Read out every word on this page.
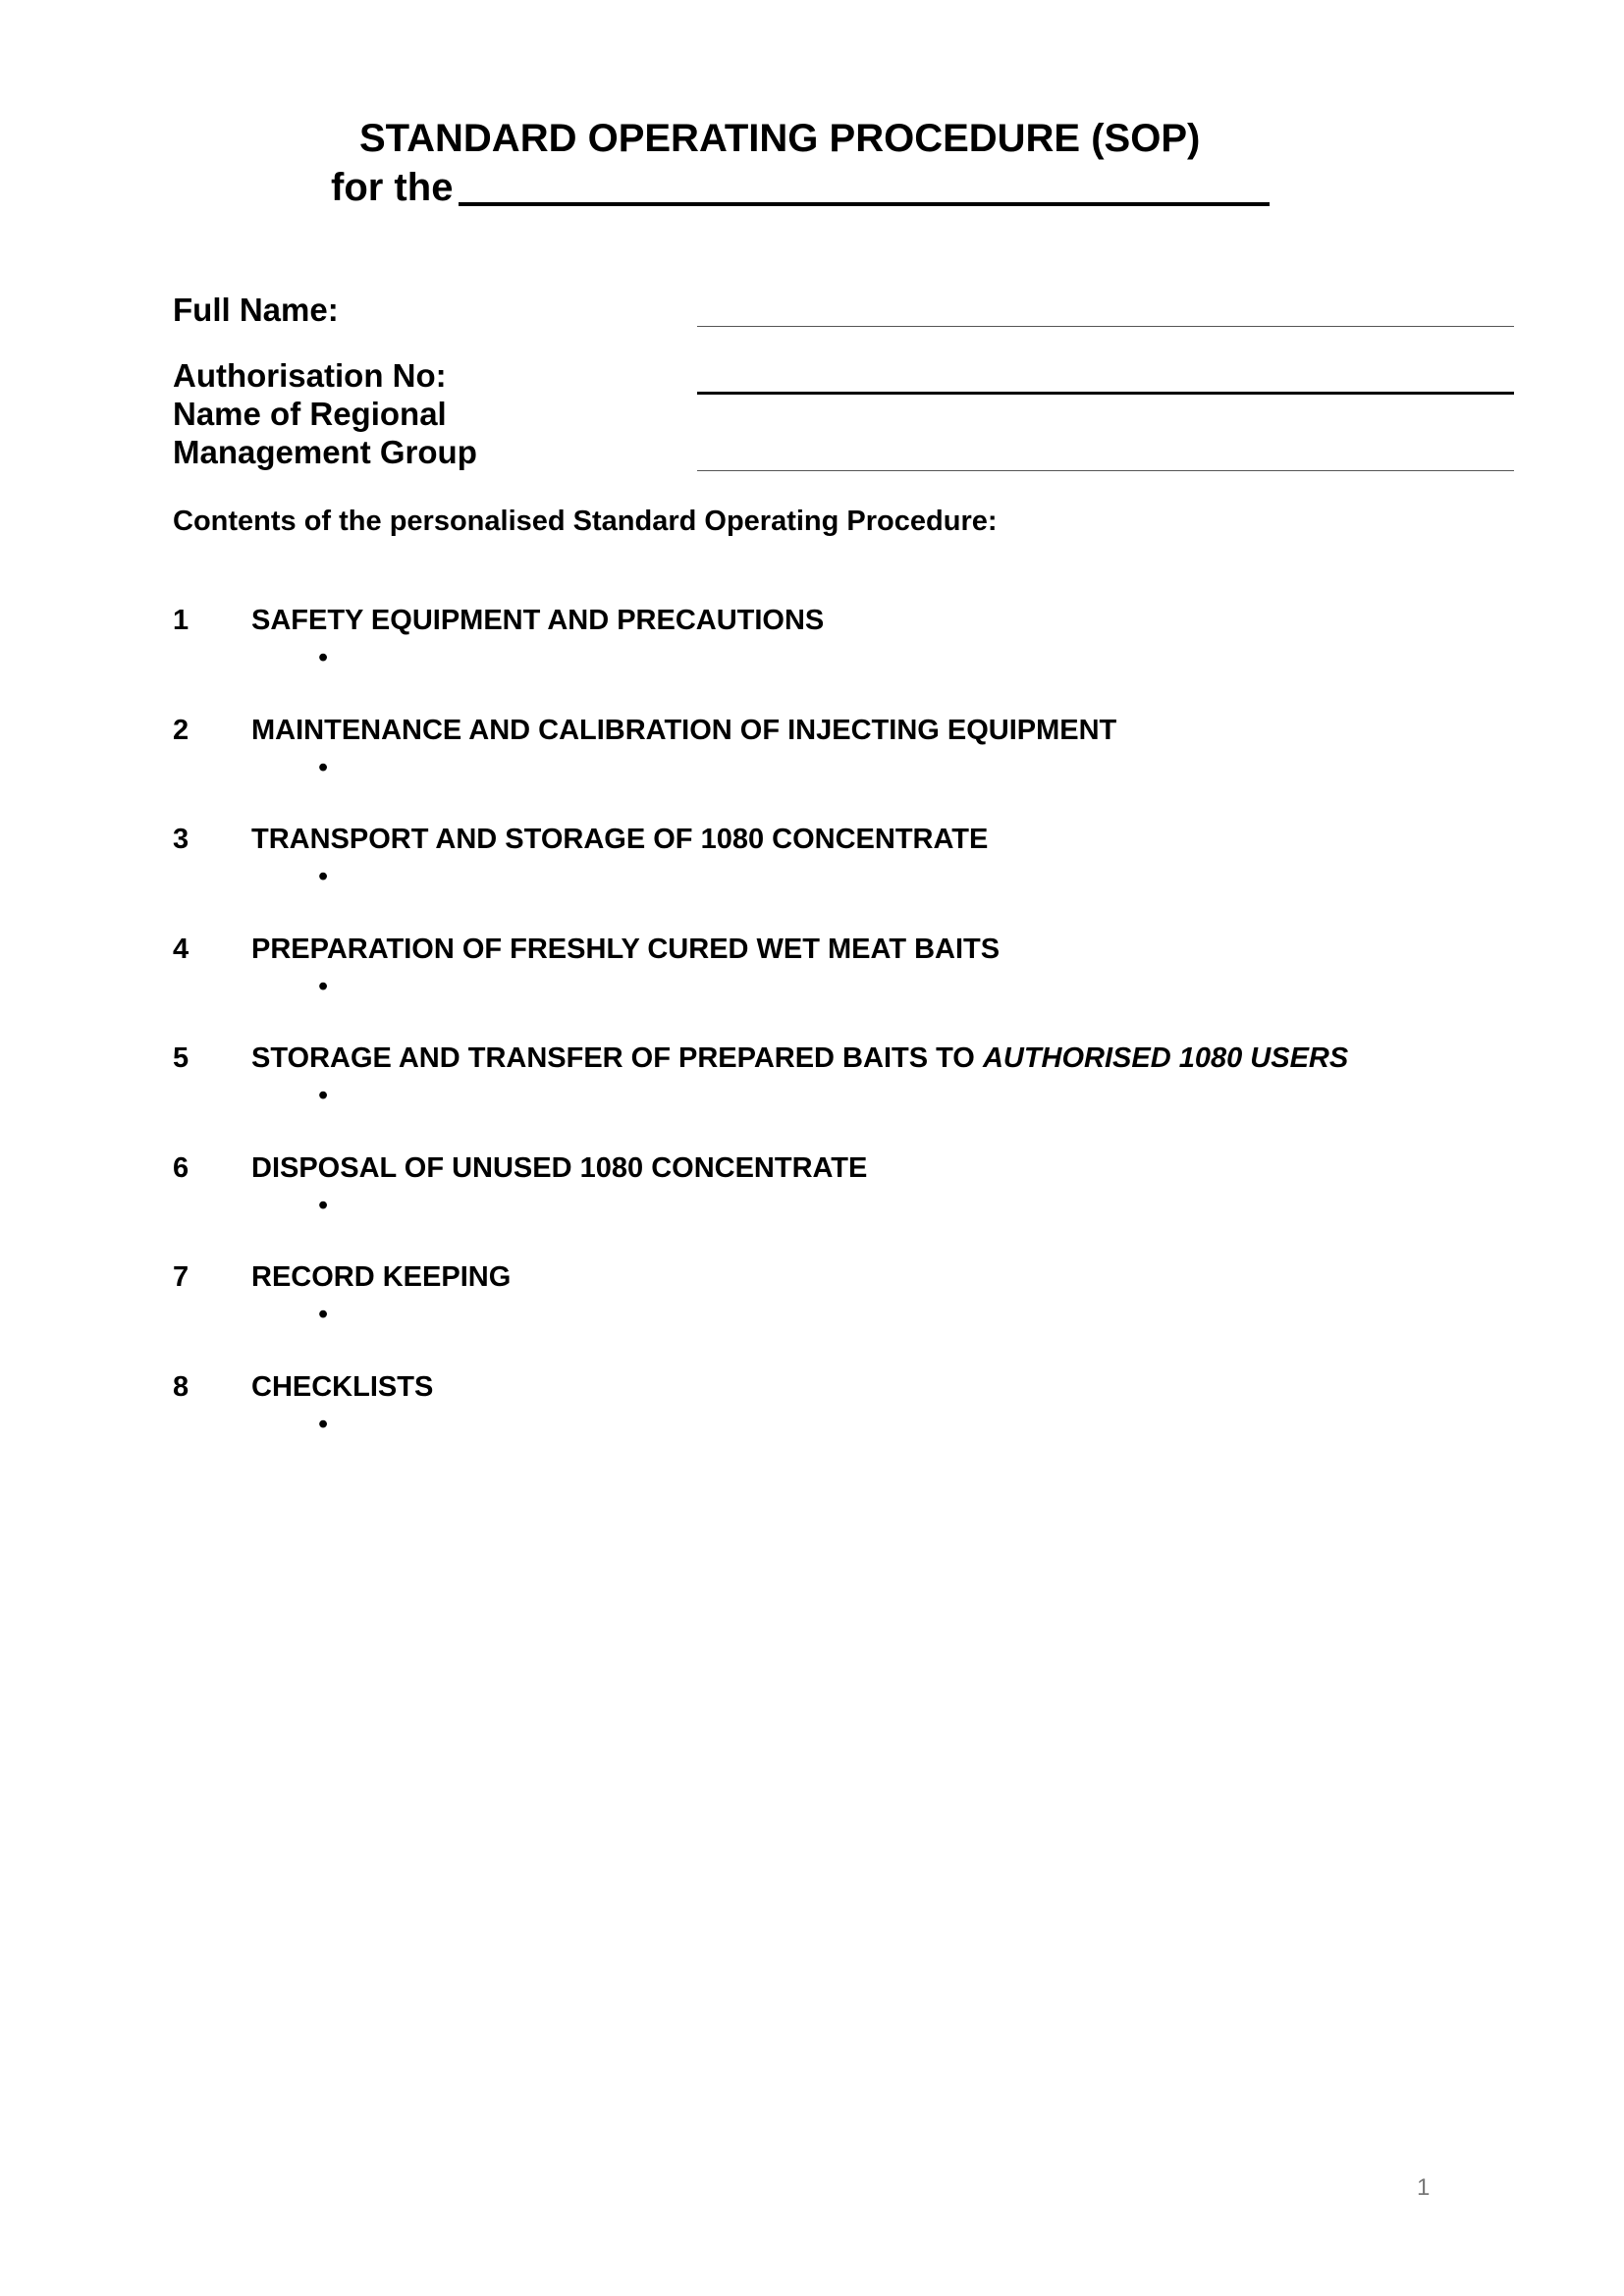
STANDARD OPERATING PROCEDURE (SOP)
for the
Full Name:
Authorisation No:
Name of Regional
Management Group
Contents of the personalised Standard Operating Procedure:
1 SAFETY EQUIPMENT AND PRECAUTIONS
•
2 MAINTENANCE AND CALIBRATION OF INJECTING EQUIPMENT
•
3 TRANSPORT AND STORAGE OF 1080 CONCENTRATE
•
4 PREPARATION OF FRESHLY CURED WET MEAT BAITS
•
5 STORAGE AND TRANSFER OF PREPARED BAITS TO AUTHORISED 1080 USERS
•
6 DISPOSAL OF UNUSED 1080 CONCENTRATE
•
7 RECORD KEEPING
•
8 CHECKLISTS
•
1
